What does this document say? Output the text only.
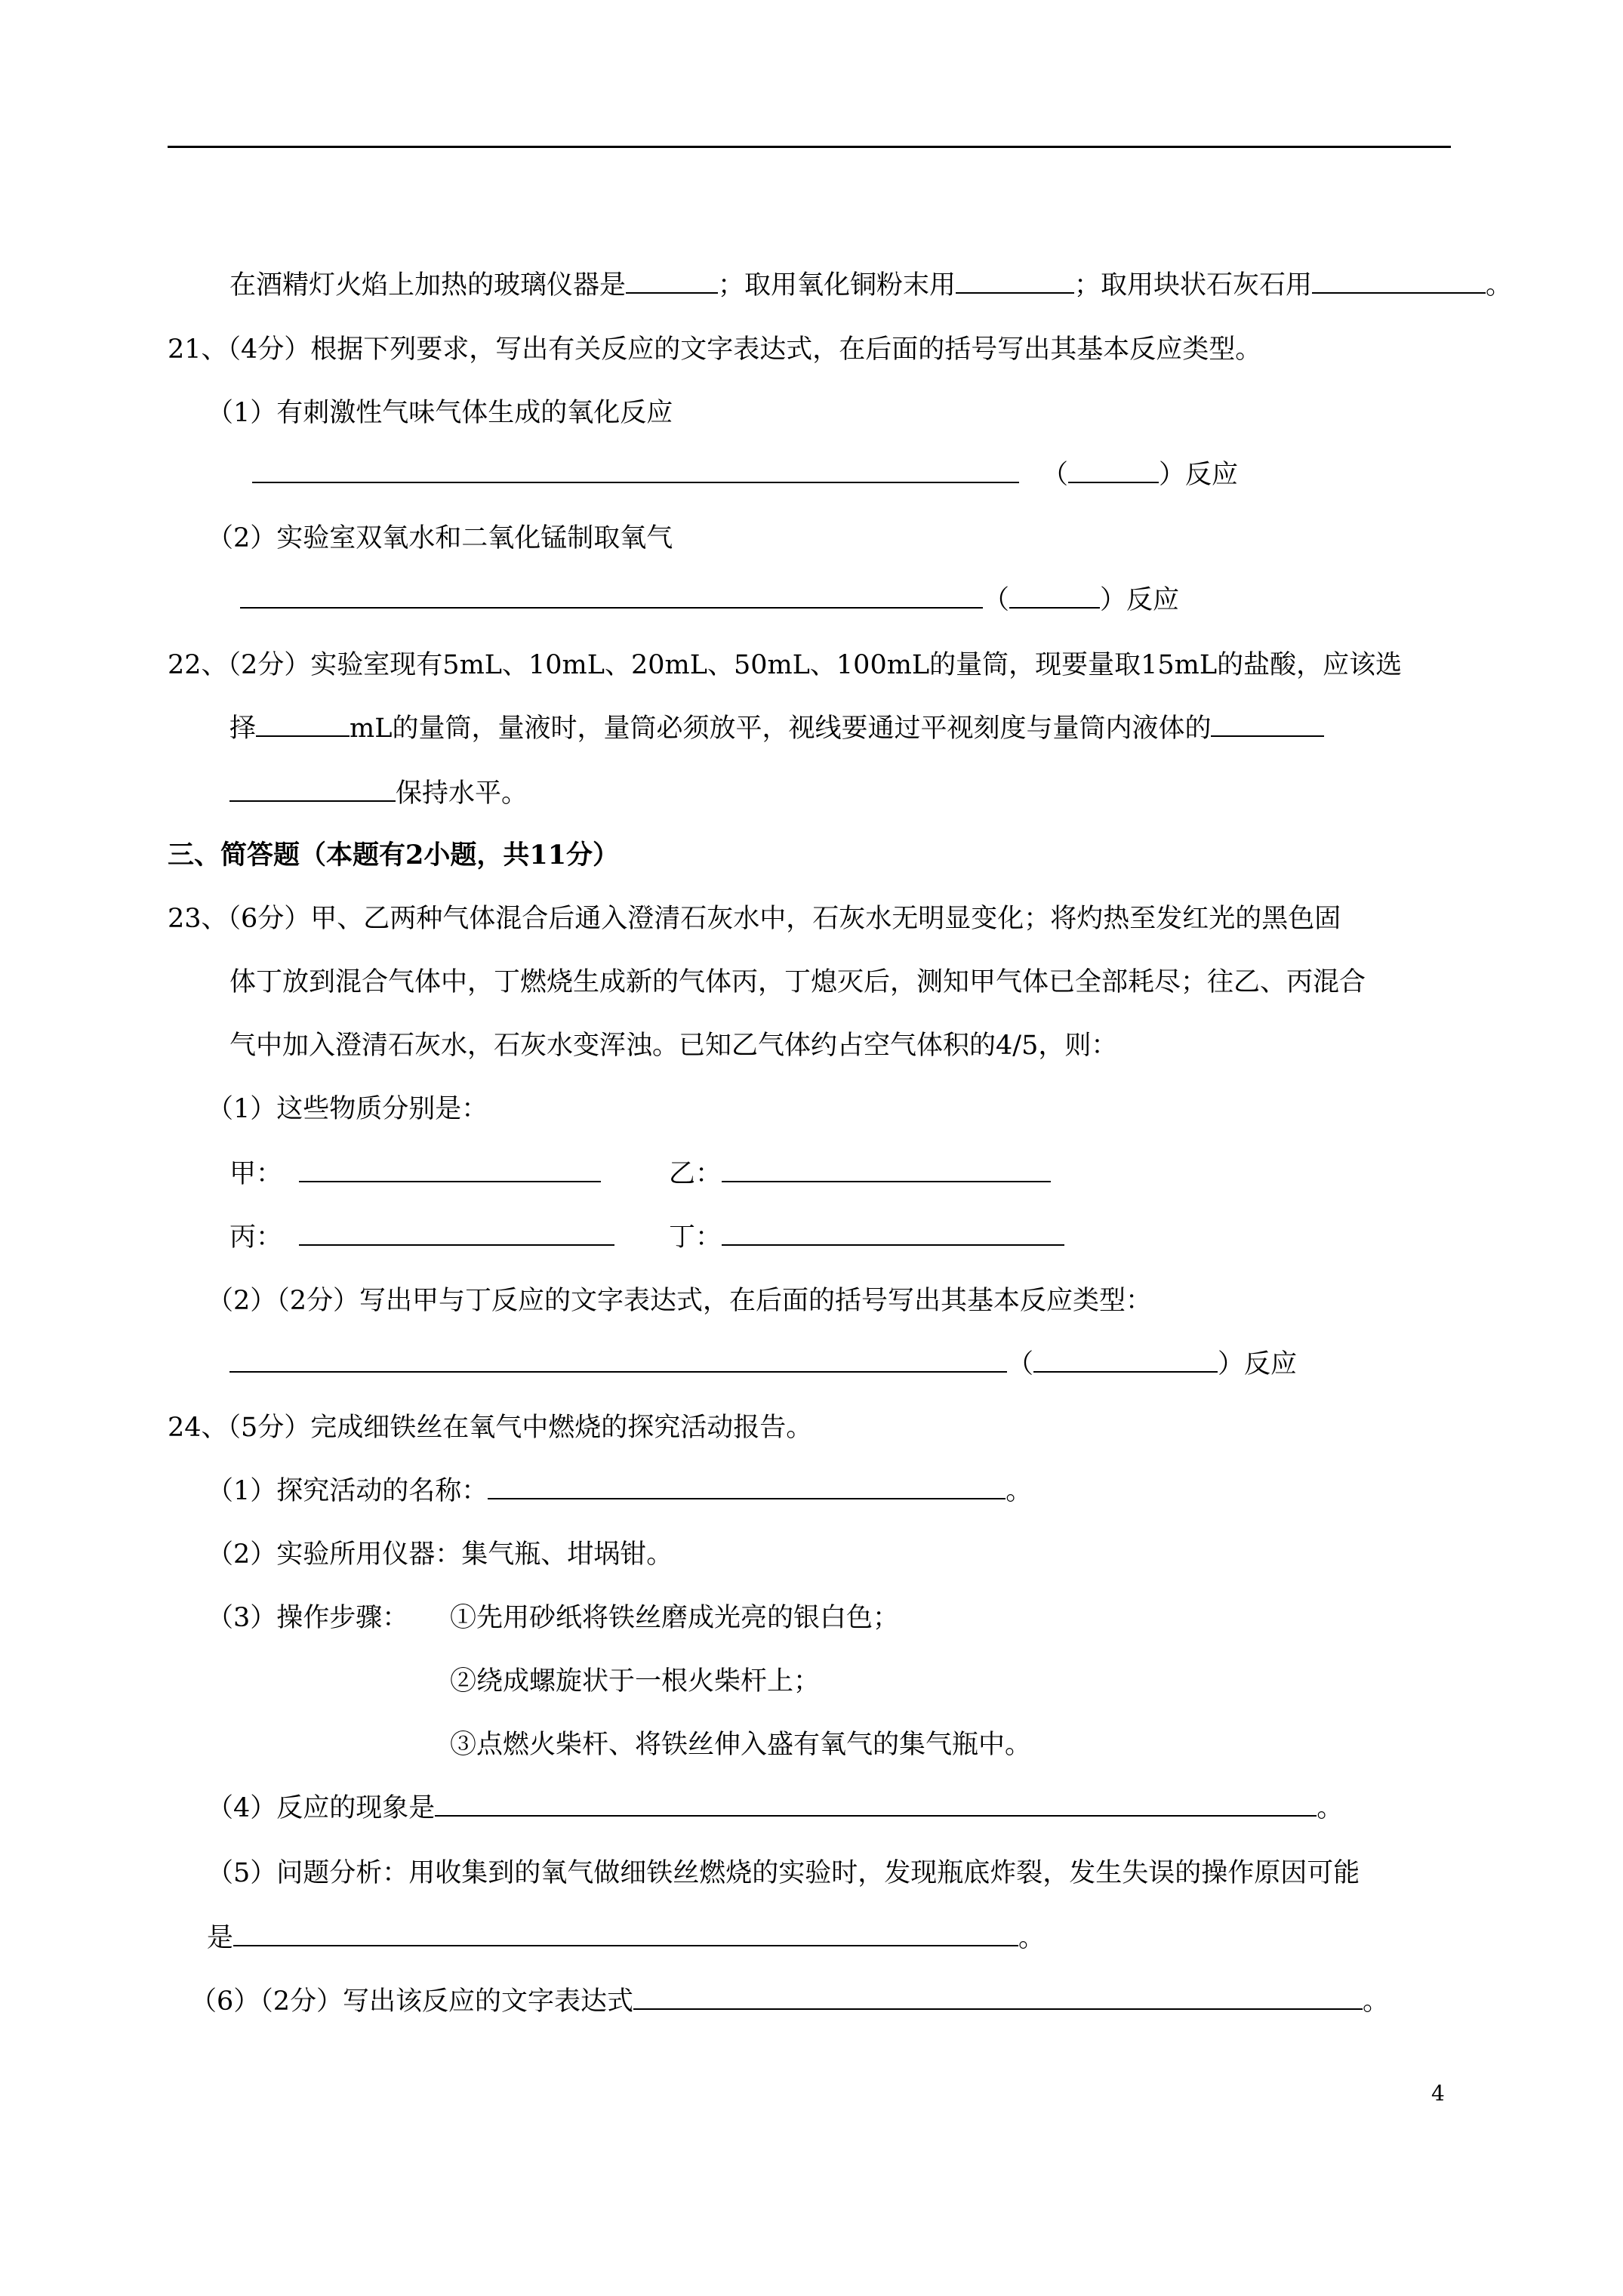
在酒精灯火焰上加热的玻璃仪器是	；取用氧化铜粉末用	；取用块状石灰石用	。
21、（4分）根据下列要求，写出有关反应的文字表达式，在后面的括号写出其基本反应类型。
（1）有刺激性气味气体生成的氧化反应
（	）反应
（2）实验室双氧水和二氧化锰制取氧气
（	）反应
22、（2分）实验室现有5mL、10mL、20mL、50mL、100mL的量筒，现要量取15mL的盐酸，应该选
择	mL的量筒，量液时，量筒必须放平，视线要通过平视刻度与量筒内液体的
保持水平。
三、简答题（本题有2小题，共11分）
23、（6分）甲、乙两种气体混合后通入澄清石灰水中，石灰水无明显变化；将灼热至发红光的黑色固
体丁放到混合气体中，丁燃烧生成新的气体丙，丁熄灭后，测知甲气体已全部耗尽；往乙、丙混合
气中加入澄清石灰水，石灰水变浑浊。已知乙气体约占空气体积的4/5，则：
（1）这些物质分别是：
甲：	乙：
丙：	丁：
（2）（2分）写出甲与丁反应的文字表达式，在后面的括号写出其基本反应类型：
（	）反应
24、（5分）完成细铁丝在氧气中燃烧的探究活动报告。
（1）探究活动的名称：	。
（2）实验所用仪器：集气瓶、坩埚钳。
（3）操作步骤： ①先用砂纸将铁丝磨成光亮的银白色；
②绕成螺旋状于一根火柴杆上；
③点燃火柴杆、将铁丝伸入盛有氧气的集气瓶中。
（4）反应的现象是	。
（5）问题分析：用收集到的氧气做细铁丝燃烧的实验时，发现瓶底炸裂，发生失误的操作原因可能
是	。
（6）（2分）写出该反应的文字表达式	。
4
